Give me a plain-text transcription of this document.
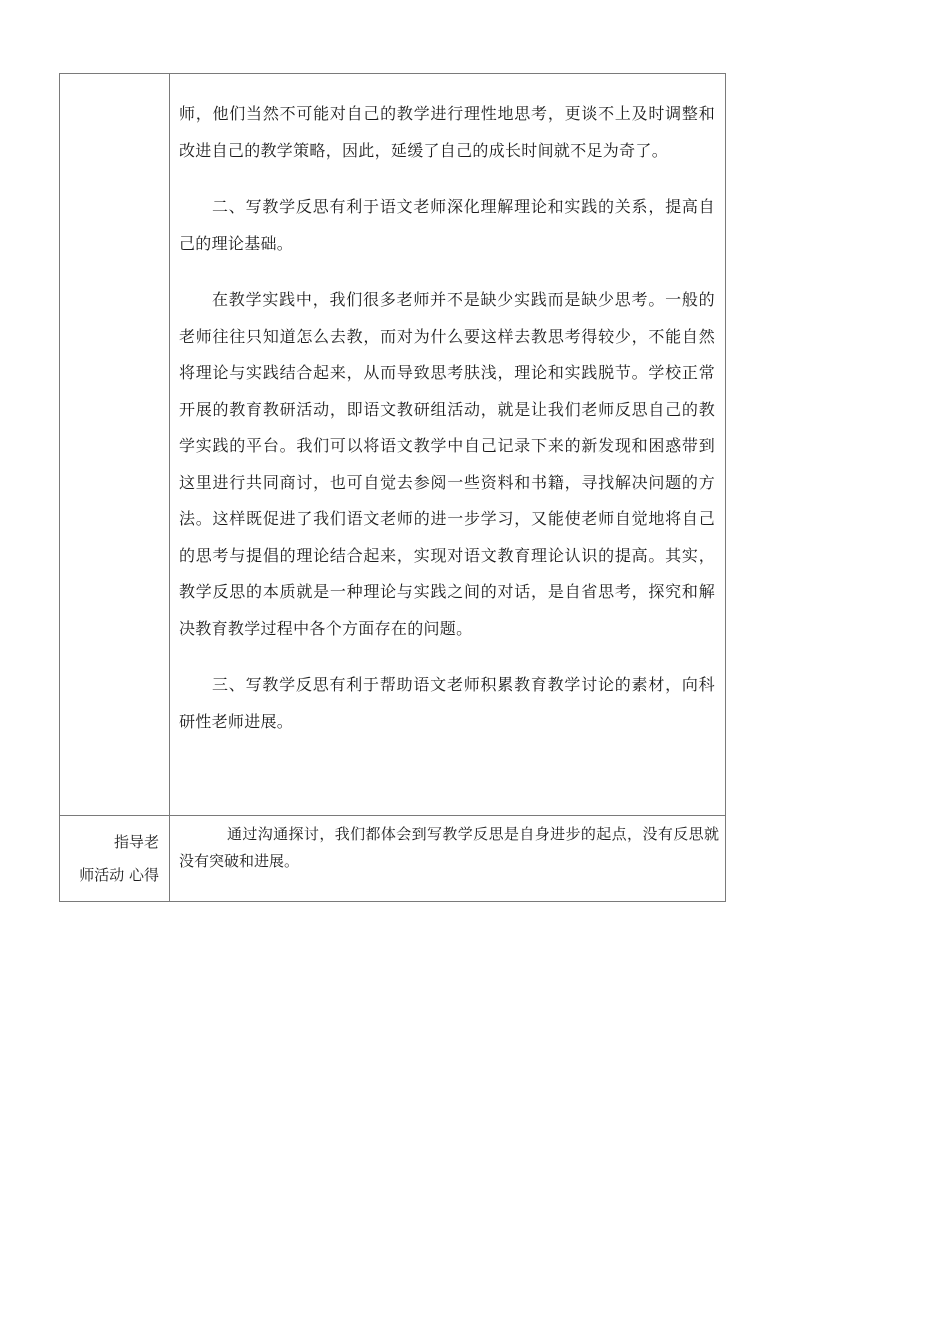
	师，他们当然不可能对自己的教学进行理性地思考，更谈不上及时调整和改进自己的教学策略，因此，延缓了自己的成长时间就不足为奇了。

二、写教学反思有利于语文老师深化理解理论和实践的关系，提高自己的理论基础。

在教学实践中，我们很多老师并不是缺少实践而是缺少思考。一般的老师往往只知道怎么去教，而对为什么要这样去教思考得较少，不能自然将理论与实践结合起来，从而导致思考肤浅，理论和实践脱节。学校正常开展的教育教研活动，即语文教研组活动，就是让我们老师反思自己的教学实践的平台。我们可以将语文教学中自己记录下来的新发现和困惑带到这里进行共同商讨，也可自觉去参阅一些资料和书籍，寻找解决问题的方法。这样既促进了我们语文老师的进一步学习，又能使老师自觉地将自己的思考与提倡的理论结合起来，实现对语文教育理论认识的提高。其实，教学反思的本质就是一种理论与实践之间的对话，是自省思考，探究和解决教育教学过程中各个方面存在的问题。

三、写教学反思有利于帮助语文老师积累教育教学讨论的素材，向科研性老师进展。

指导老
师活动 心得	通过沟通探讨，我们都体会到写教学反思是自身进步的起点，没有反思就没有突破和进展。
